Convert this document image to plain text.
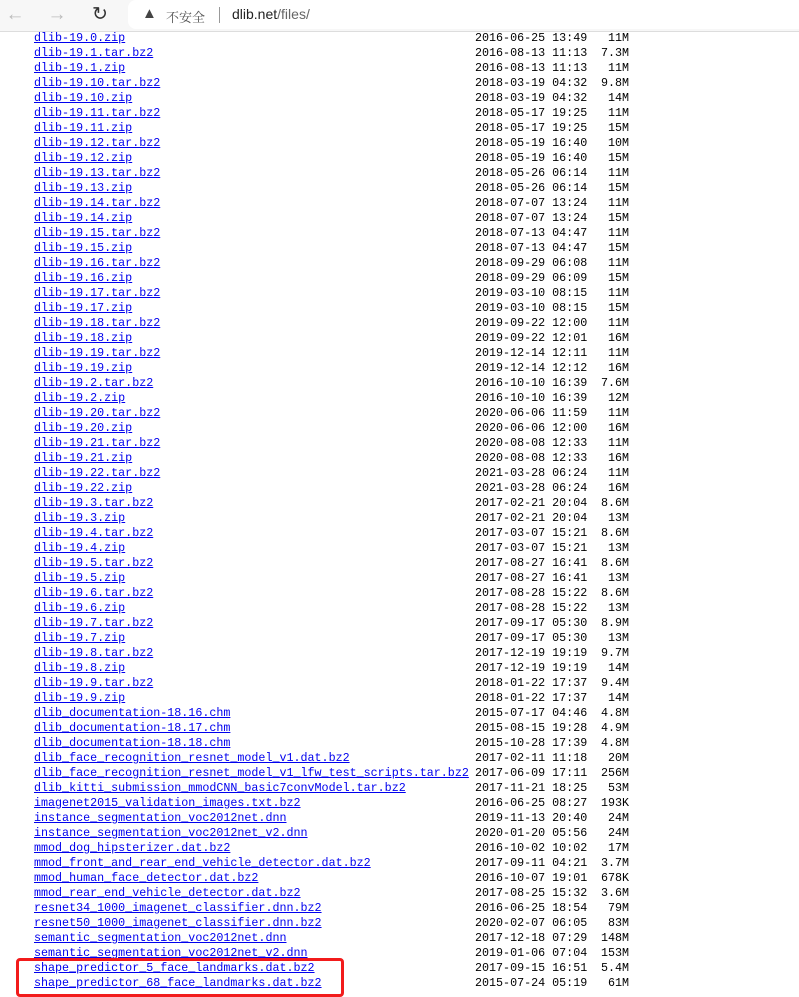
← → ↻ ▲ 不安全 dlib.net/files/
dlib-19.0.zip	2016-06-25 13:49 11M
dlib-19.1.tar.bz2	2016-08-13 11:13 7.3M
dlib-19.1.zip	2016-08-13 11:13 11M
dlib-19.10.tar.bz2	2018-03-19 04:32 9.8M
dlib-19.10.zip	2018-03-19 04:32 14M
dlib-19.11.tar.bz2	2018-05-17 19:25 11M
dlib-19.11.zip	2018-05-17 19:25 15M
dlib-19.12.tar.bz2	2018-05-19 16:40 10M
dlib-19.12.zip	2018-05-19 16:40 15M
dlib-19.13.tar.bz2	2018-05-26 06:14 11M
dlib-19.13.zip	2018-05-26 06:14 15M
dlib-19.14.tar.bz2	2018-07-07 13:24 11M
dlib-19.14.zip	2018-07-07 13:24 15M
dlib-19.15.tar.bz2	2018-07-13 04:47 11M
dlib-19.15.zip	2018-07-13 04:47 15M
dlib-19.16.tar.bz2	2018-09-29 06:08 11M
dlib-19.16.zip	2018-09-29 06:09 15M
dlib-19.17.tar.bz2	2019-03-10 08:15 11M
dlib-19.17.zip	2019-03-10 08:15 15M
dlib-19.18.tar.bz2	2019-09-22 12:00 11M
dlib-19.18.zip	2019-09-22 12:01 16M
dlib-19.19.tar.bz2	2019-12-14 12:11 11M
dlib-19.19.zip	2019-12-14 12:12 16M
dlib-19.2.tar.bz2	2016-10-10 16:39 7.6M
dlib-19.2.zip	2016-10-10 16:39 12M
dlib-19.20.tar.bz2	2020-06-06 11:59 11M
dlib-19.20.zip	2020-06-06 12:00 16M
dlib-19.21.tar.bz2	2020-08-08 12:33 11M
dlib-19.21.zip	2020-08-08 12:33 16M
dlib-19.22.tar.bz2	2021-03-28 06:24 11M
dlib-19.22.zip	2021-03-28 06:24 16M
dlib-19.3.tar.bz2	2017-02-21 20:04 8.6M
dlib-19.3.zip	2017-02-21 20:04 13M
dlib-19.4.tar.bz2	2017-03-07 15:21 8.6M
dlib-19.4.zip	2017-03-07 15:21 13M
dlib-19.5.tar.bz2	2017-08-27 16:41 8.6M
dlib-19.5.zip	2017-08-27 16:41 13M
dlib-19.6.tar.bz2	2017-08-28 15:22 8.6M
dlib-19.6.zip	2017-08-28 15:22 13M
dlib-19.7.tar.bz2	2017-09-17 05:30 8.9M
dlib-19.7.zip	2017-09-17 05:30 13M
dlib-19.8.tar.bz2	2017-12-19 19:19 9.7M
dlib-19.8.zip	2017-12-19 19:19 14M
dlib-19.9.tar.bz2	2018-01-22 17:37 9.4M
dlib-19.9.zip	2018-01-22 17:37 14M
dlib_documentation-18.16.chm	2015-07-17 04:46 4.8M
dlib_documentation-18.17.chm	2015-08-15 19:28 4.9M
dlib_documentation-18.18.chm	2015-10-28 17:39 4.8M
dlib_face_recognition_resnet_model_v1.dat.bz2	2017-02-11 11:18 20M
dlib_face_recognition_resnet_model_v1_lfw_test_scripts.tar.bz2 2017-06-09 17:11 256M
dlib_kitti_submission_mmodCNN_basic7convModel.tar.bz2	2017-11-21 18:25 53M
imagenet2015_validation_images.txt.bz2	2016-06-25 08:27 193K
instance_segmentation_voc2012net.dnn	2019-11-13 20:40 24M
instance_segmentation_voc2012net_v2.dnn	2020-01-20 05:56 24M
mmod_dog_hipsterizer.dat.bz2	2016-10-02 10:02 17M
mmod_front_and_rear_end_vehicle_detector.dat.bz2	2017-09-11 04:21 3.7M
mmod_human_face_detector.dat.bz2	2016-10-07 19:01 678K
mmod_rear_end_vehicle_detector.dat.bz2	2017-08-25 15:32 3.6M
resnet34_1000_imagenet_classifier.dnn.bz2	2016-06-25 18:54 79M
resnet50_1000_imagenet_classifier.dnn.bz2	2020-02-07 06:05 83M
semantic_segmentation_voc2012net.dnn	2017-12-18 07:29 148M
semantic_segmentation_voc2012net_v2.dnn	2019-01-06 07:04 153M
shape_predictor_5_face_landmarks.dat.bz2	2017-09-15 16:51 5.4M
shape_predictor_68_face_landmarks.dat.bz2	2015-07-24 05:19 61M
